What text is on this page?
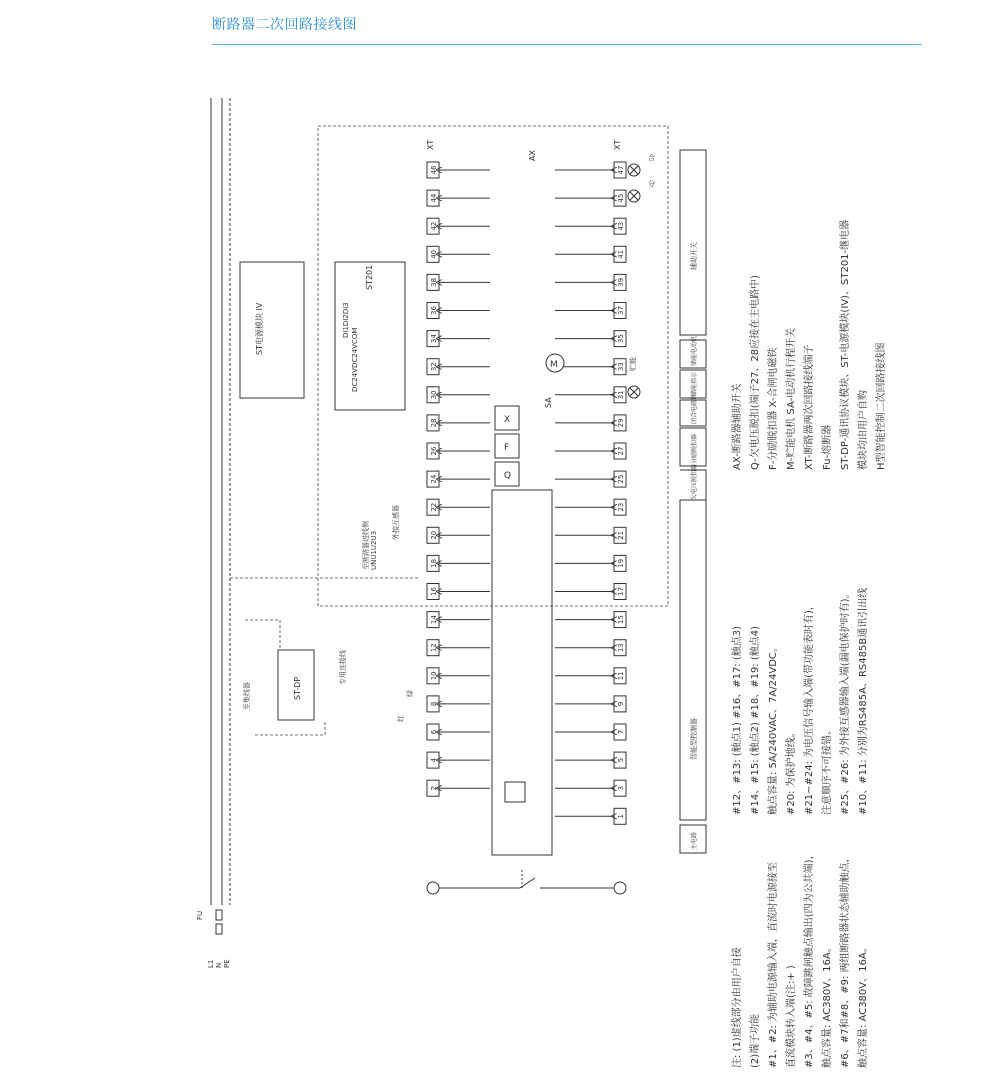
断路器二次回路接线图
46
44
42
40
38
36
34
32
30
28
26
24
22
20
18
16
14
12
10
8
6
4
2
47
45
43
41
39
37
35
33
31
29
27
25
23
21
19
17
15
13
11
9
7
5
3
1
XT	XT
Q
F
X
M
SA
贮能
合
分
AX
ST电源模块 IV
ST201
DC24VDC24VCOM
DI1DI2DI3
ST-DP
至集线器
专用连接线
绿
红
外接互感器
至断路器进线侧 UNU1U2U3
FU
L1 N PE
主电路
智能型控制器
欠电压脱扣器
分励脱扣器
闭合电磁铁
储能指示
储能电动机
辅助开关
注: (1)虚线部分由用户自接 (2)端子功能 #1、#2: 为辅助电源输入端，直流时电源接至 直流模块转入端(注:+ ) #3、#4、#5: 故障跳闸触点输出(四为公共端)， 触点容量: AC380V、16A。 #6、#7和#8、#9: 两组断路器状态辅助触点， 触点容量: AC380V、16A。
#12、#13: (触点1) #16、#17: (触点3) #14、#15: (触点2) #18、#19: (触点4) 触点容量: 5A/240VAC、7A/24VDC。 #20: 为保护地线。 #21~#24: 为电压信号输入端(带功能表时有)， 注意顺序不可接错。 #25、#26: 为外接互感器输入端(漏电保护时有)。 #10、#11: 分别为RS485A、RS485B通讯引出线
AX-断路器辅助开关 Q-欠电压脱扣(端子27、28应接在主电路中) F-分励脱扣器 X-合闸电磁铁 M-贮能电机 SA-电动机行程开关 XT-断路器两次回路接线端子 Fu-熔断器 ST-DP-通讯协议模块、ST-电源模块(IV)、ST201-继电器 模块均由用户自购 H型智能控制二次回路接线图
